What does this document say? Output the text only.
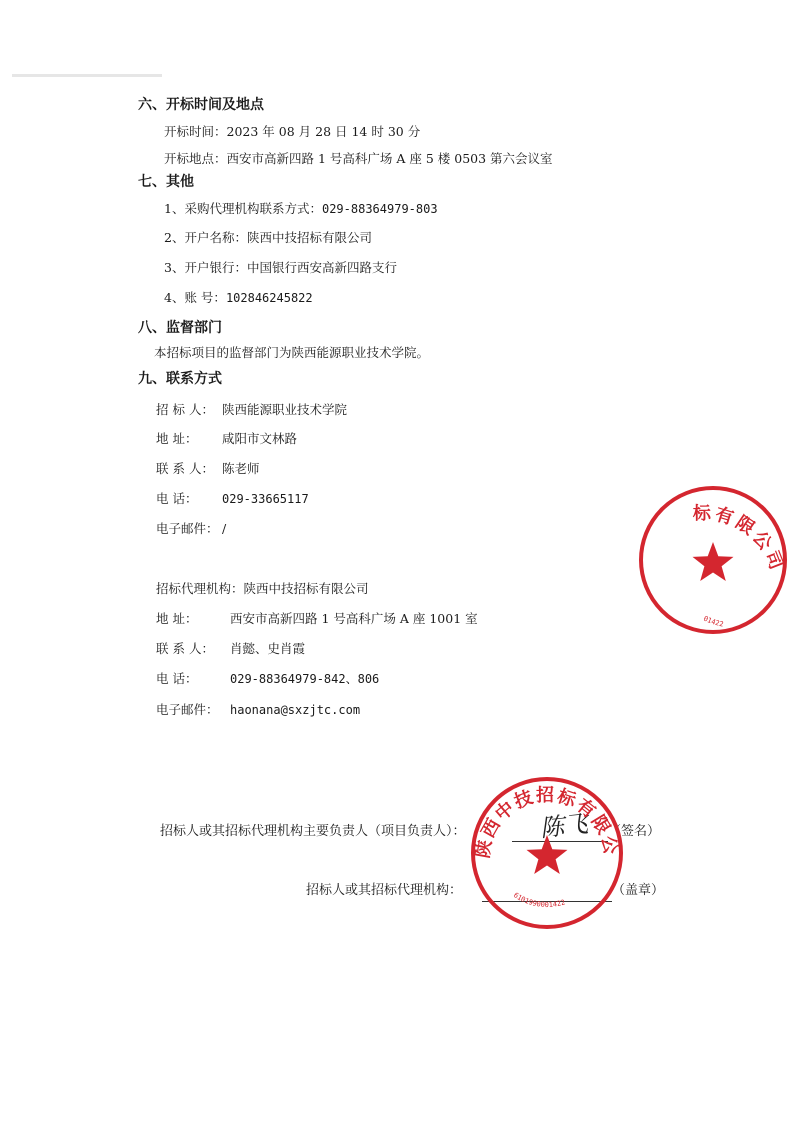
六、开标时间及地点
开标时间：2023 年 08 月 28 日 14 时 30 分
开标地点：西安市高新四路 1 号高科广场 A 座 5 楼 0503 第六会议室
七、其他
1、采购代理机构联系方式：029-88364979-803
2、开户名称：陕西中技招标有限公司
3、开户银行：中国银行西安高新四路支行
4、账 号：102846245822
八、监督部门
本招标项目的监督部门为陕西能源职业技术学院。
九、联系方式
招 标 人： 陕西能源职业技术学院
地 址： 咸阳市文林路
联 系 人： 陈老师
电 话： 029-33665117
电子邮件： /
招标代理机构：陕西中技招标有限公司
地 址：	西安市高新四路 1 号高科广场 A 座 1001 室
联 系 人： 肖懿、史肖霞
电 话：	029-88364979-842、806
电子邮件： haonana@sxzjtc.com
招标人或其招标代理机构主要负责人（项目负责人）：	（签名）
招标人或其招标代理机构：	（盖章）
陈飞
陕西中技招标有限公司
6101990001422
标有限公司
01422
